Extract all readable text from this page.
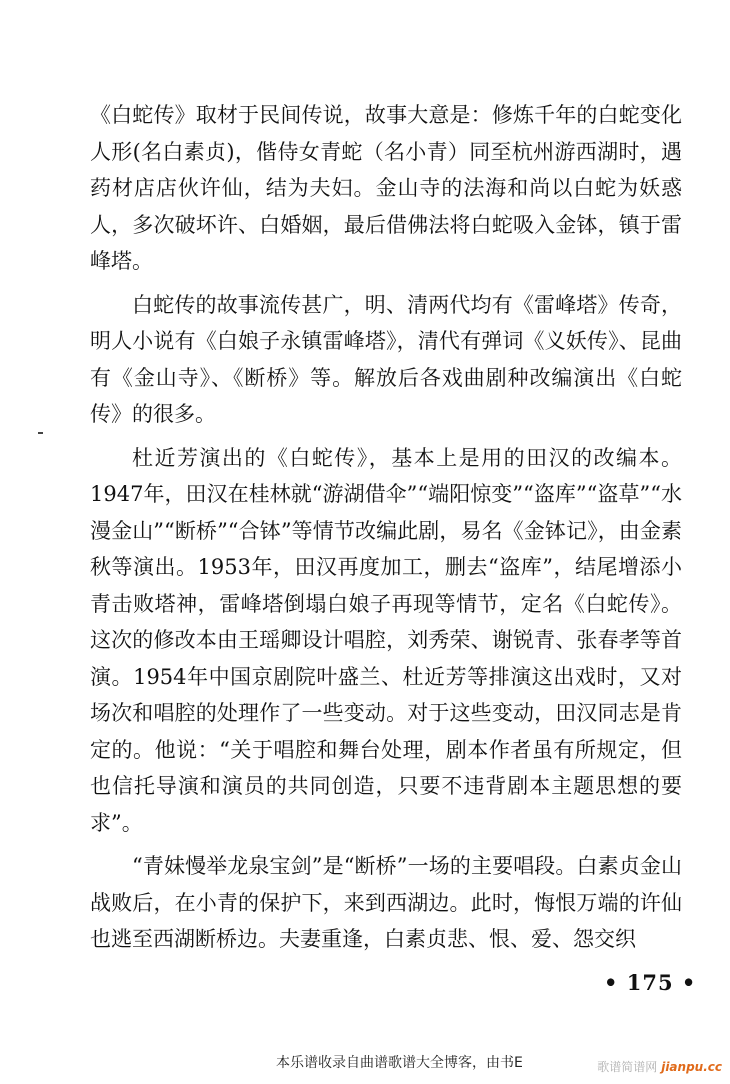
《白蛇传》取材于民间传说，故事大意是：修炼千年的白蛇变化人形(名白素贞)，偕侍女青蛇（名小青）同至杭州游西湖时，遇药材店店伙许仙，结为夫妇。金山寺的法海和尚以白蛇为妖惑人，多次破坏许、白婚姻，最后借佛法将白蛇吸入金钵，镇于雷峰塔。

白蛇传的故事流传甚广，明、清两代均有《雷峰塔》传奇，明人小说有《白娘子永镇雷峰塔》，清代有弹词《义妖传》、昆曲有《金山寺》、《断桥》等。解放后各戏曲剧种改编演出《白蛇传》的很多。

杜近芳演出的《白蛇传》，基本上是用的田汉的改编本。1947年，田汉在桂林就“游湖借伞”“端阳惊变”“盗库”“盗草”“水漫金山”“断桥”“合钵”等情节改编此剧，易名《金钵记》，由金素秋等演出。1953年，田汉再度加工，删去“盗库”，结尾增添小青击败塔神，雷峰塔倒塌白娘子再现等情节，定名《白蛇传》。这次的修改本由王瑶卿设计唱腔，刘秀荣、谢锐青、张春孝等首演。1954年中国京剧院叶盛兰、杜近芳等排演这出戏时，又对场次和唱腔的处理作了一些变动。对于这些变动，田汉同志是肯定的。他说：“关于唱腔和舞台处理，剧本作者虽有所规定，但也信托导演和演员的共同创造，只要不违背剧本主题思想的要求”。

“青妹慢举龙泉宝剑”是“断桥”一场的主要唱段。白素贞金山战败后，在小青的保护下，来到西湖边。此时，悔恨万端的许仙也逃至西湖断桥边。夫妻重逢，白素贞悲、恨、爱、怨交织

• 175 •
本乐谱收录自曲谱歌谱大全博客，由书E	歌谱简谱网 jianpu.cc
